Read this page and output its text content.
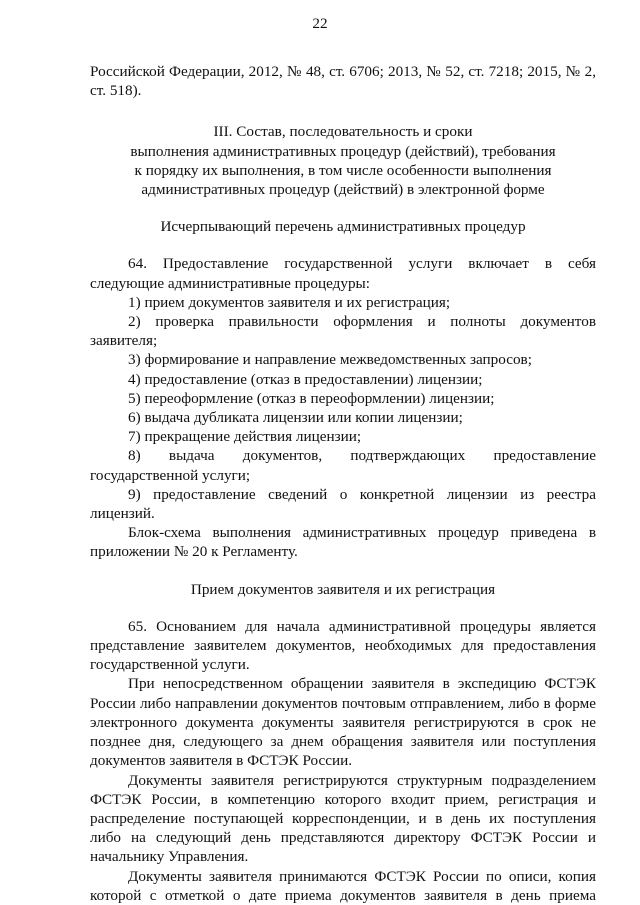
22

Российской Федерации, 2012, № 48, ст. 6706; 2013, № 52, ст. 7218; 2015, № 2,

ст. 518).

III. Состав, последовательность и сроки

выполнения административных процедур (действий), требования

к порядку их выполнения, в том числе особенности выполнения

административных процедур (действий) в электронной форме

Исчерпывающий перечень административных процедур

64. Предоставление государственной услуги включает в себя следующие административные процедуры:

1) прием документов заявителя и их регистрация;

2) проверка правильности оформления и полноты документов заявителя;

3) формирование и направление межведомственных запросов;

4) предоставление (отказ в предоставлении) лицензии;

5) переоформление (отказ в переоформлении) лицензии;

6) выдача дубликата лицензии или копии лицензии;

7) прекращение действия лицензии;

8) выдача документов, подтверждающих предоставление государственной услуги;

9) предоставление сведений о конкретной лицензии из реестра лицензий.

Блок-схема выполнения административных процедур приведена в приложении № 20 к Регламенту.

Прием документов заявителя и их регистрация

65. Основанием для начала административной процедуры является представление заявителем документов, необходимых для предоставления государственной услуги.

При непосредственном обращении заявителя в экспедицию ФСТЭК России либо направлении документов почтовым отправлением, либо в форме электронного документа документы заявителя регистрируются в срок не позднее дня, следующего за днем обращения заявителя или поступления документов заявителя в ФСТЭК России.

Документы заявителя регистрируются структурным подразделением ФСТЭК России, в компетенцию которого входит прием, регистрация и распределение поступающей корреспонденции, и в день их поступления либо на следующий день представляются директору ФСТЭК России и начальнику Управления.

Документы заявителя принимаются ФСТЭК России по описи, копия

которой с отметкой о дате приема документов заявителя в день приема
